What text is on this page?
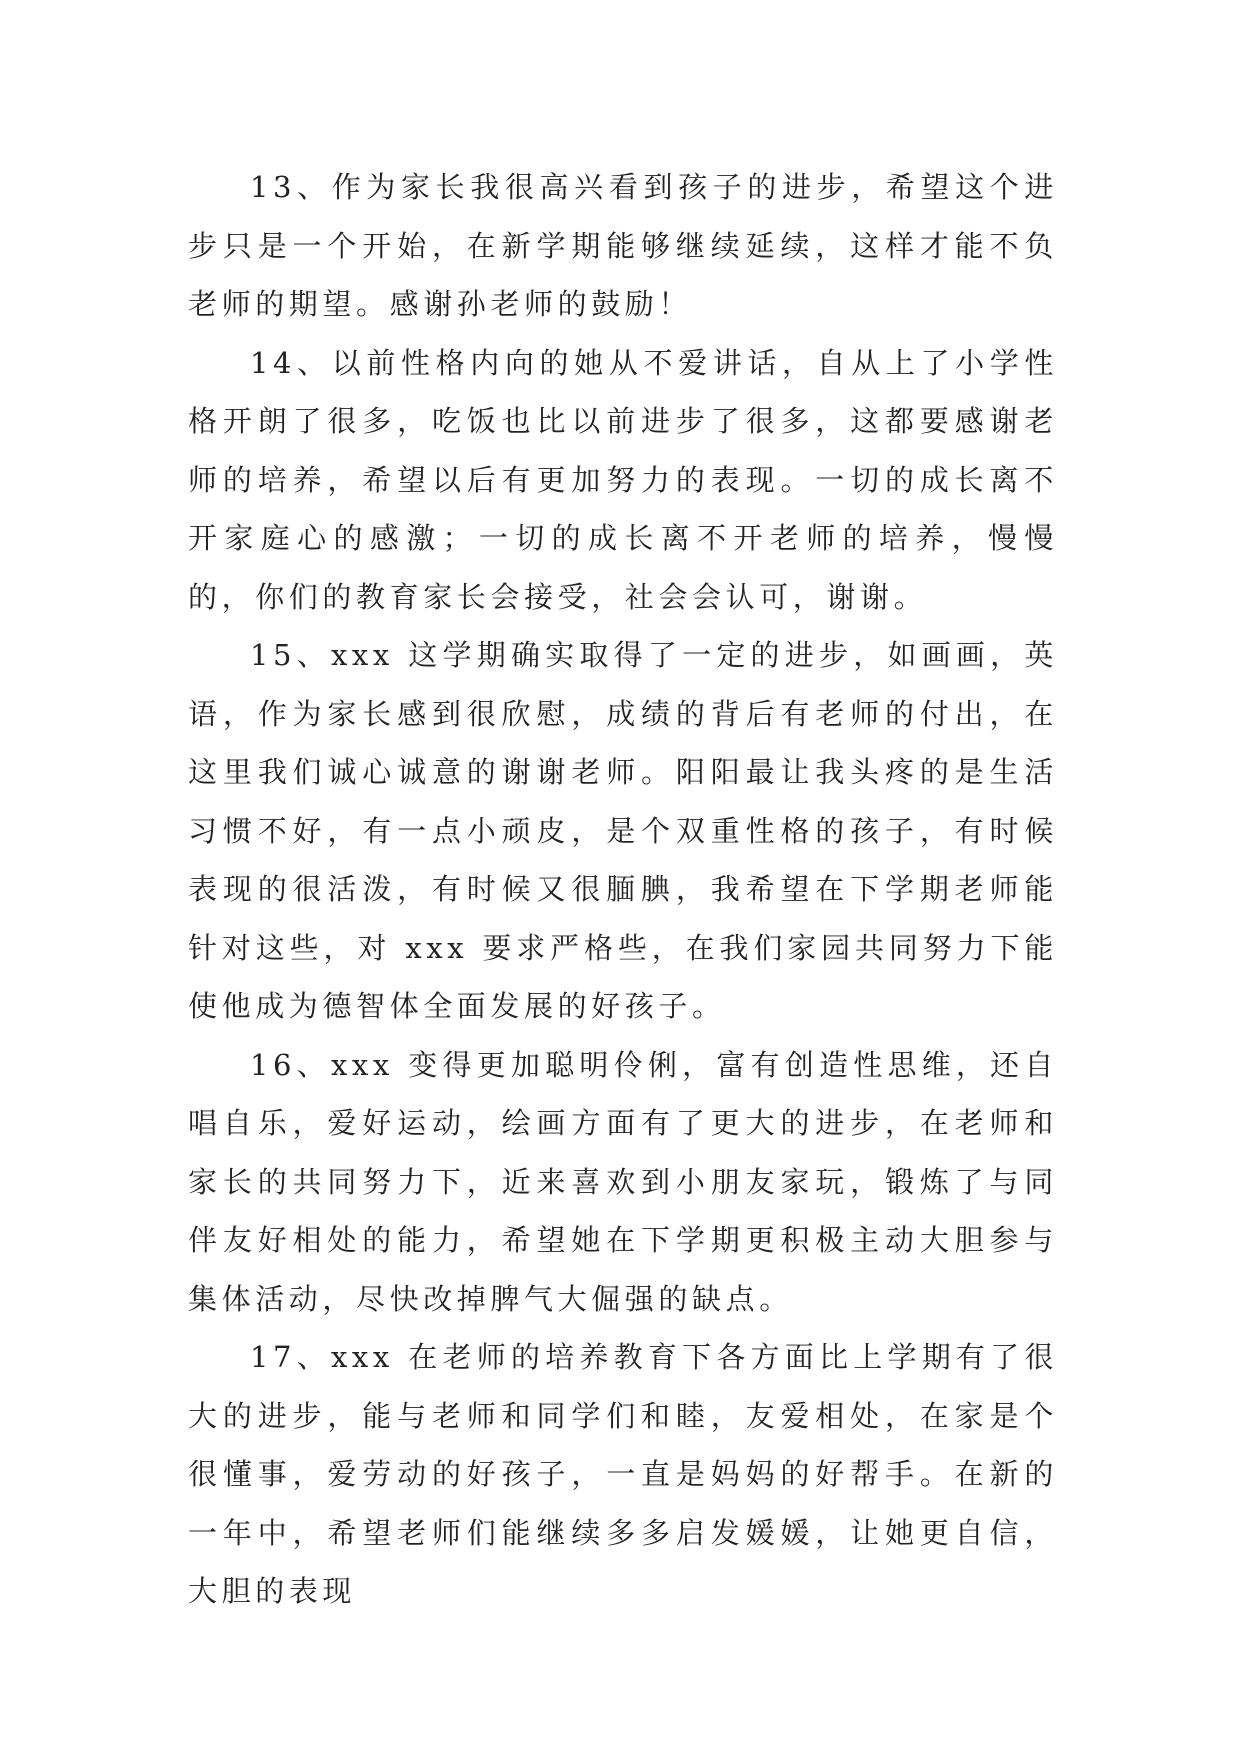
13、作为家长我很高兴看到孩子的进步，希望这个进步只是一个开始，在新学期能够继续延续，这样才能不负老师的期望。感谢孙老师的鼓励！

14、以前性格内向的她从不爱讲话，自从上了小学性格开朗了很多，吃饭也比以前进步了很多，这都要感谢老师的培养，希望以后有更加努力的表现。一切的成长离不开家庭心的感激；一切的成长离不开老师的培养，慢慢的，你们的教育家长会接受，社会会认可，谢谢。

15、xxx 这学期确实取得了一定的进步，如画画，英语，作为家长感到很欣慰，成绩的背后有老师的付出，在这里我们诚心诚意的谢谢老师。阳阳最让我头疼的是生活习惯不好，有一点小顽皮，是个双重性格的孩子，有时候表现的很活泼，有时候又很腼腆，我希望在下学期老师能针对这些，对 xxx 要求严格些，在我们家园共同努力下能使他成为德智体全面发展的好孩子。

16、xxx 变得更加聪明伶俐，富有创造性思维，还自唱自乐，爱好运动，绘画方面有了更大的进步，在老师和家长的共同努力下，近来喜欢到小朋友家玩，锻炼了与同伴友好相处的能力，希望她在下学期更积极主动大胆参与集体活动，尽快改掉脾气大倔强的缺点。

17、xxx 在老师的培养教育下各方面比上学期有了很大的进步，能与老师和同学们和睦，友爱相处，在家是个很懂事，爱劳动的好孩子，一直是妈妈的好帮手。在新的一年中，希望老师们能继续多多启发媛媛，让她更自信，大胆的表现
